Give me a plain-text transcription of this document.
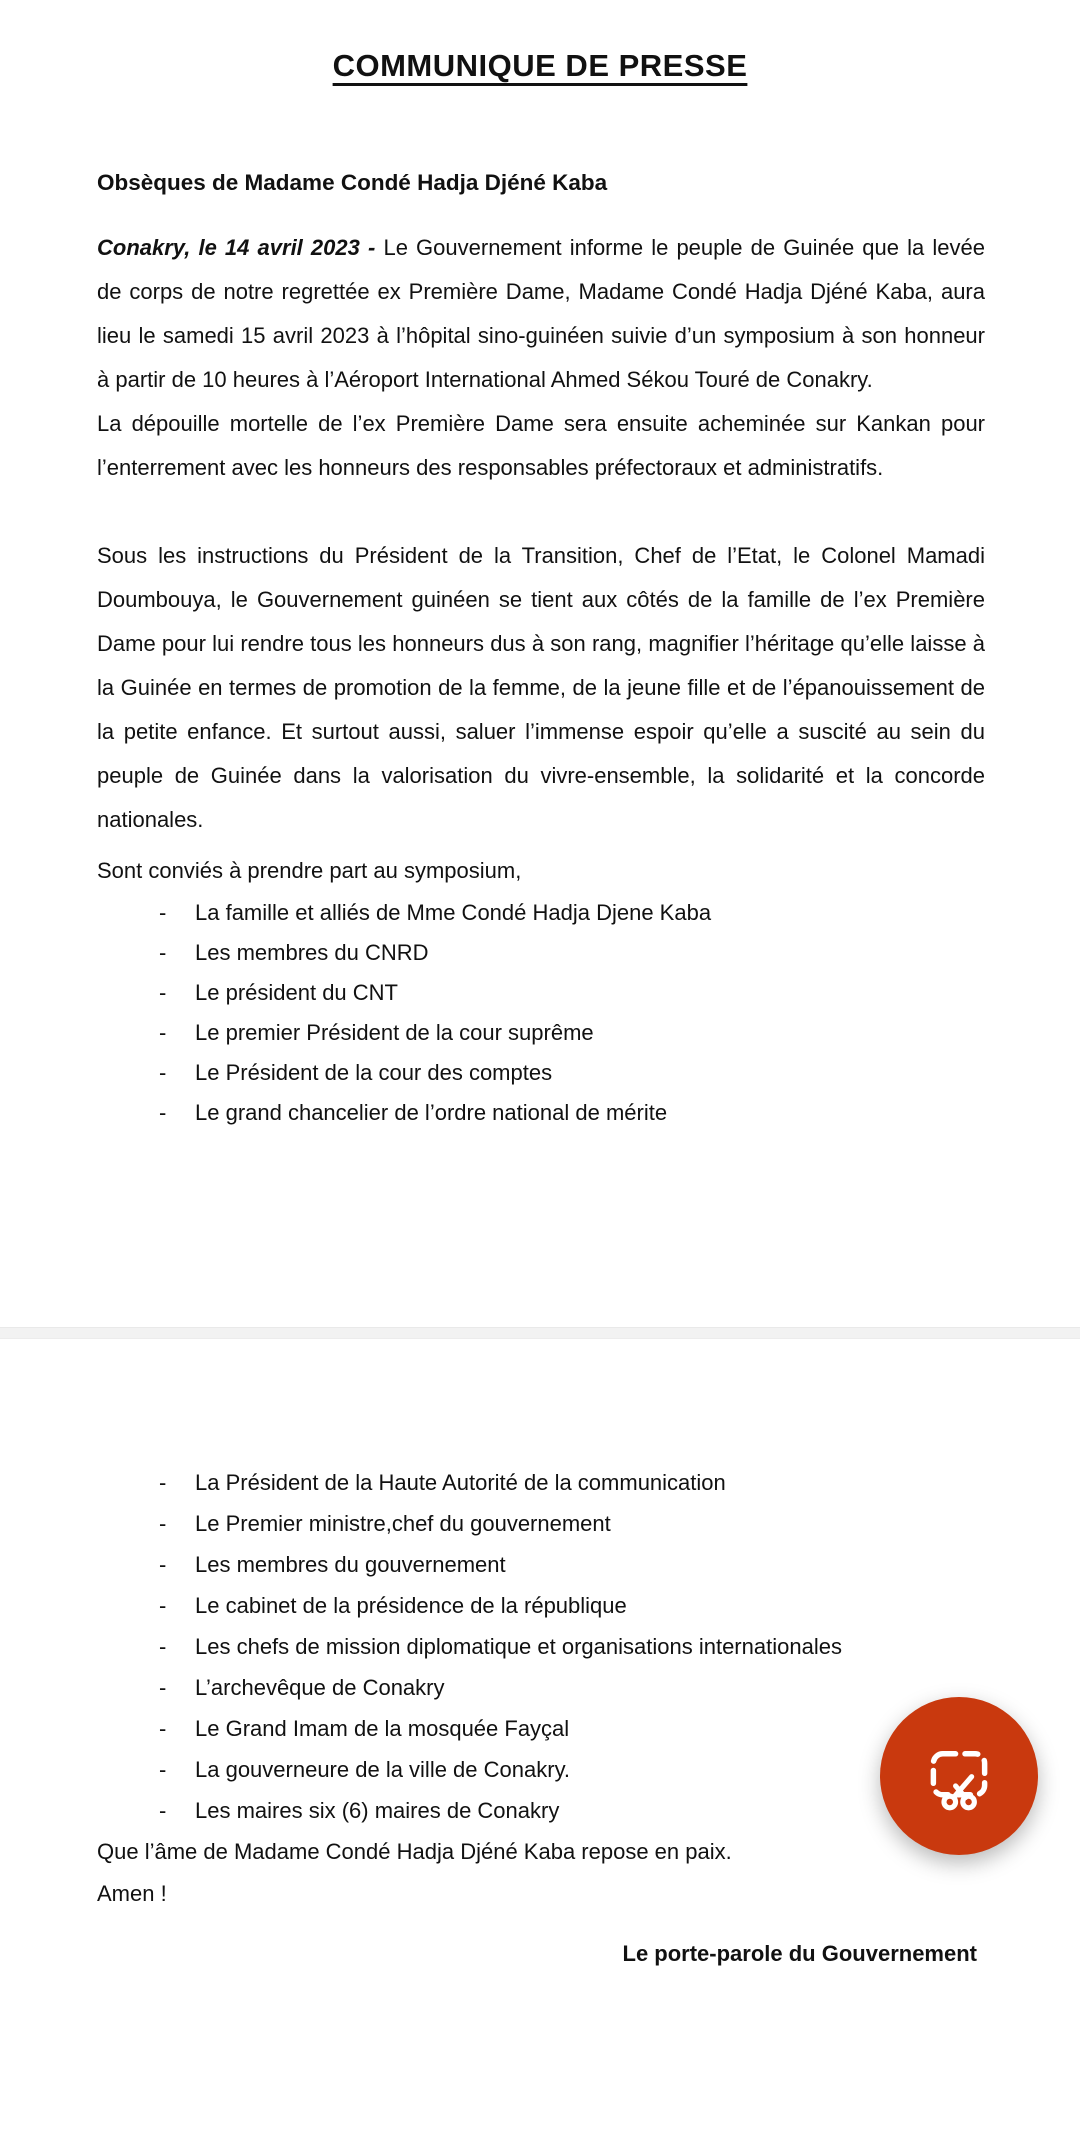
COMMUNIQUE DE PRESSE
Obsèques de Madame Condé Hadja Djéné Kaba

Conakry, le 14 avril 2023 - Le Gouvernement informe le peuple de Guinée que la levée de corps de notre regrettée ex Première Dame, Madame Condé Hadja Djéné Kaba, aura lieu le samedi 15 avril 2023 à l’hôpital sino-guinéen suivie d’un symposium à son honneur à partir de 10 heures à l’Aéroport International Ahmed Sékou Touré de Conakry.

La dépouille mortelle de l’ex Première Dame sera ensuite acheminée sur Kankan pour l’enterrement avec les honneurs des responsables préfectoraux et administratifs.

Sous les instructions du Président de la Transition, Chef de l’Etat, le Colonel Mamadi Doumbouya, le Gouvernement guinéen se tient aux côtés de la famille de l’ex Première Dame pour lui rendre tous les honneurs dus à son rang, magnifier l’héritage qu’elle laisse à la Guinée en termes de promotion de la femme, de la jeune fille et de l’épanouissement de la petite enfance. Et surtout aussi, saluer l’immense espoir qu’elle a suscité au sein du peuple de Guinée dans la valorisation du vivre-ensemble, la solidarité et la concorde nationales.

Sont conviés à prendre part au symposium,

-	La famille et alliés de Mme Condé Hadja Djene Kaba
-	Les membres du CNRD
-	Le président du CNT
-	Le premier Président de la cour suprême
-	Le Président de la cour des comptes
-	Le grand chancelier de l’ordre national de mérite
-	La Président de la Haute Autorité de la communication
-	Le Premier ministre,chef du gouvernement
-	Les membres du gouvernement
-	Le cabinet de la présidence de la république
-	Les chefs de mission diplomatique et organisations internationales
-	L’archevêque de Conakry
-	Le Grand Imam de la mosquée Fayçal
-	La gouverneure de la ville de Conakry.
-	Les maires six (6) maires de Conakry

Que l’âme de Madame Condé Hadja Djéné Kaba repose en paix.

Amen !

Le porte-parole du Gouvernement
